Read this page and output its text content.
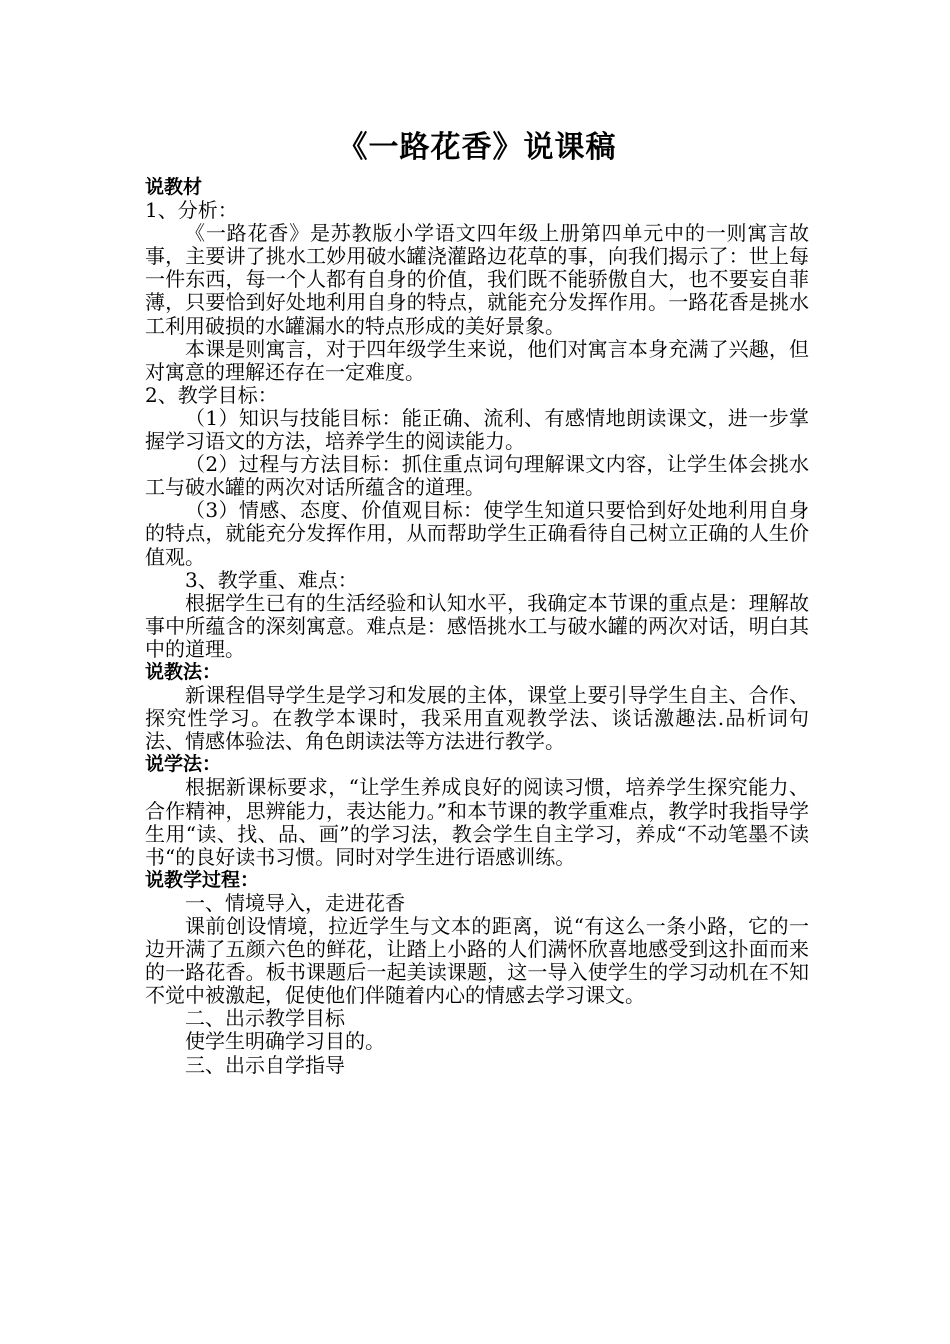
《一路花香》说课稿

说教材

1、分析：

《一路花香》是苏教版小学语文四年级上册第四单元中的一则寓言故事，主要讲了挑水工妙用破水罐浇灌路边花草的事，向我们揭示了：世上每一件东西，每一个人都有自身的价值，我们既不能骄傲自大，也不要妄自菲薄，只要恰到好处地利用自身的特点，就能充分发挥作用。一路花香是挑水工利用破损的水罐漏水的特点形成的美好景象。

本课是则寓言，对于四年级学生来说，他们对寓言本身充满了兴趣，但对寓意的理解还存在一定难度。

2、教学目标：

（1）知识与技能目标：能正确、流利、有感情地朗读课文，进一步掌握学习语文的方法，培养学生的阅读能力。

（2）过程与方法目标：抓住重点词句理解课文内容，让学生体会挑水工与破水罐的两次对话所蕴含的道理。

（3）情感、态度、价值观目标：使学生知道只要恰到好处地利用自身的特点，就能充分发挥作用，从而帮助学生正确看待自己树立正确的人生价值观。

3、教学重、难点：

根据学生已有的生活经验和认知水平，我确定本节课的重点是：理解故事中所蕴含的深刻寓意。难点是：感悟挑水工与破水罐的两次对话，明白其中的道理。

说教法：

新课程倡导学生是学习和发展的主体，课堂上要引导学生自主、合作、探究性学习。在教学本课时，我采用直观教学法、谈话激趣法.品析词句法、情感体验法、角色朗读法等方法进行教学。

说学法：

根据新课标要求，“让学生养成良好的阅读习惯，培养学生探究能力、合作精神，思辨能力，表达能力。”和本节课的教学重难点，教学时我指导学生用“读、找、品、画”的学习法，教会学生自主学习，养成“不动笔墨不读书“的良好读书习惯。同时对学生进行语感训练。

说教学过程：

一、情境导入，走进花香

课前创设情境，拉近学生与文本的距离，说“有这么一条小路，它的一边开满了五颜六色的鲜花，让踏上小路的人们满怀欣喜地感受到这扑面而来的一路花香。板书课题后一起美读课题，这一导入使学生的学习动机在不知不觉中被激起，促使他们伴随着内心的情感去学习课文。

二、出示教学目标

使学生明确学习目的。

三、出示自学指导
